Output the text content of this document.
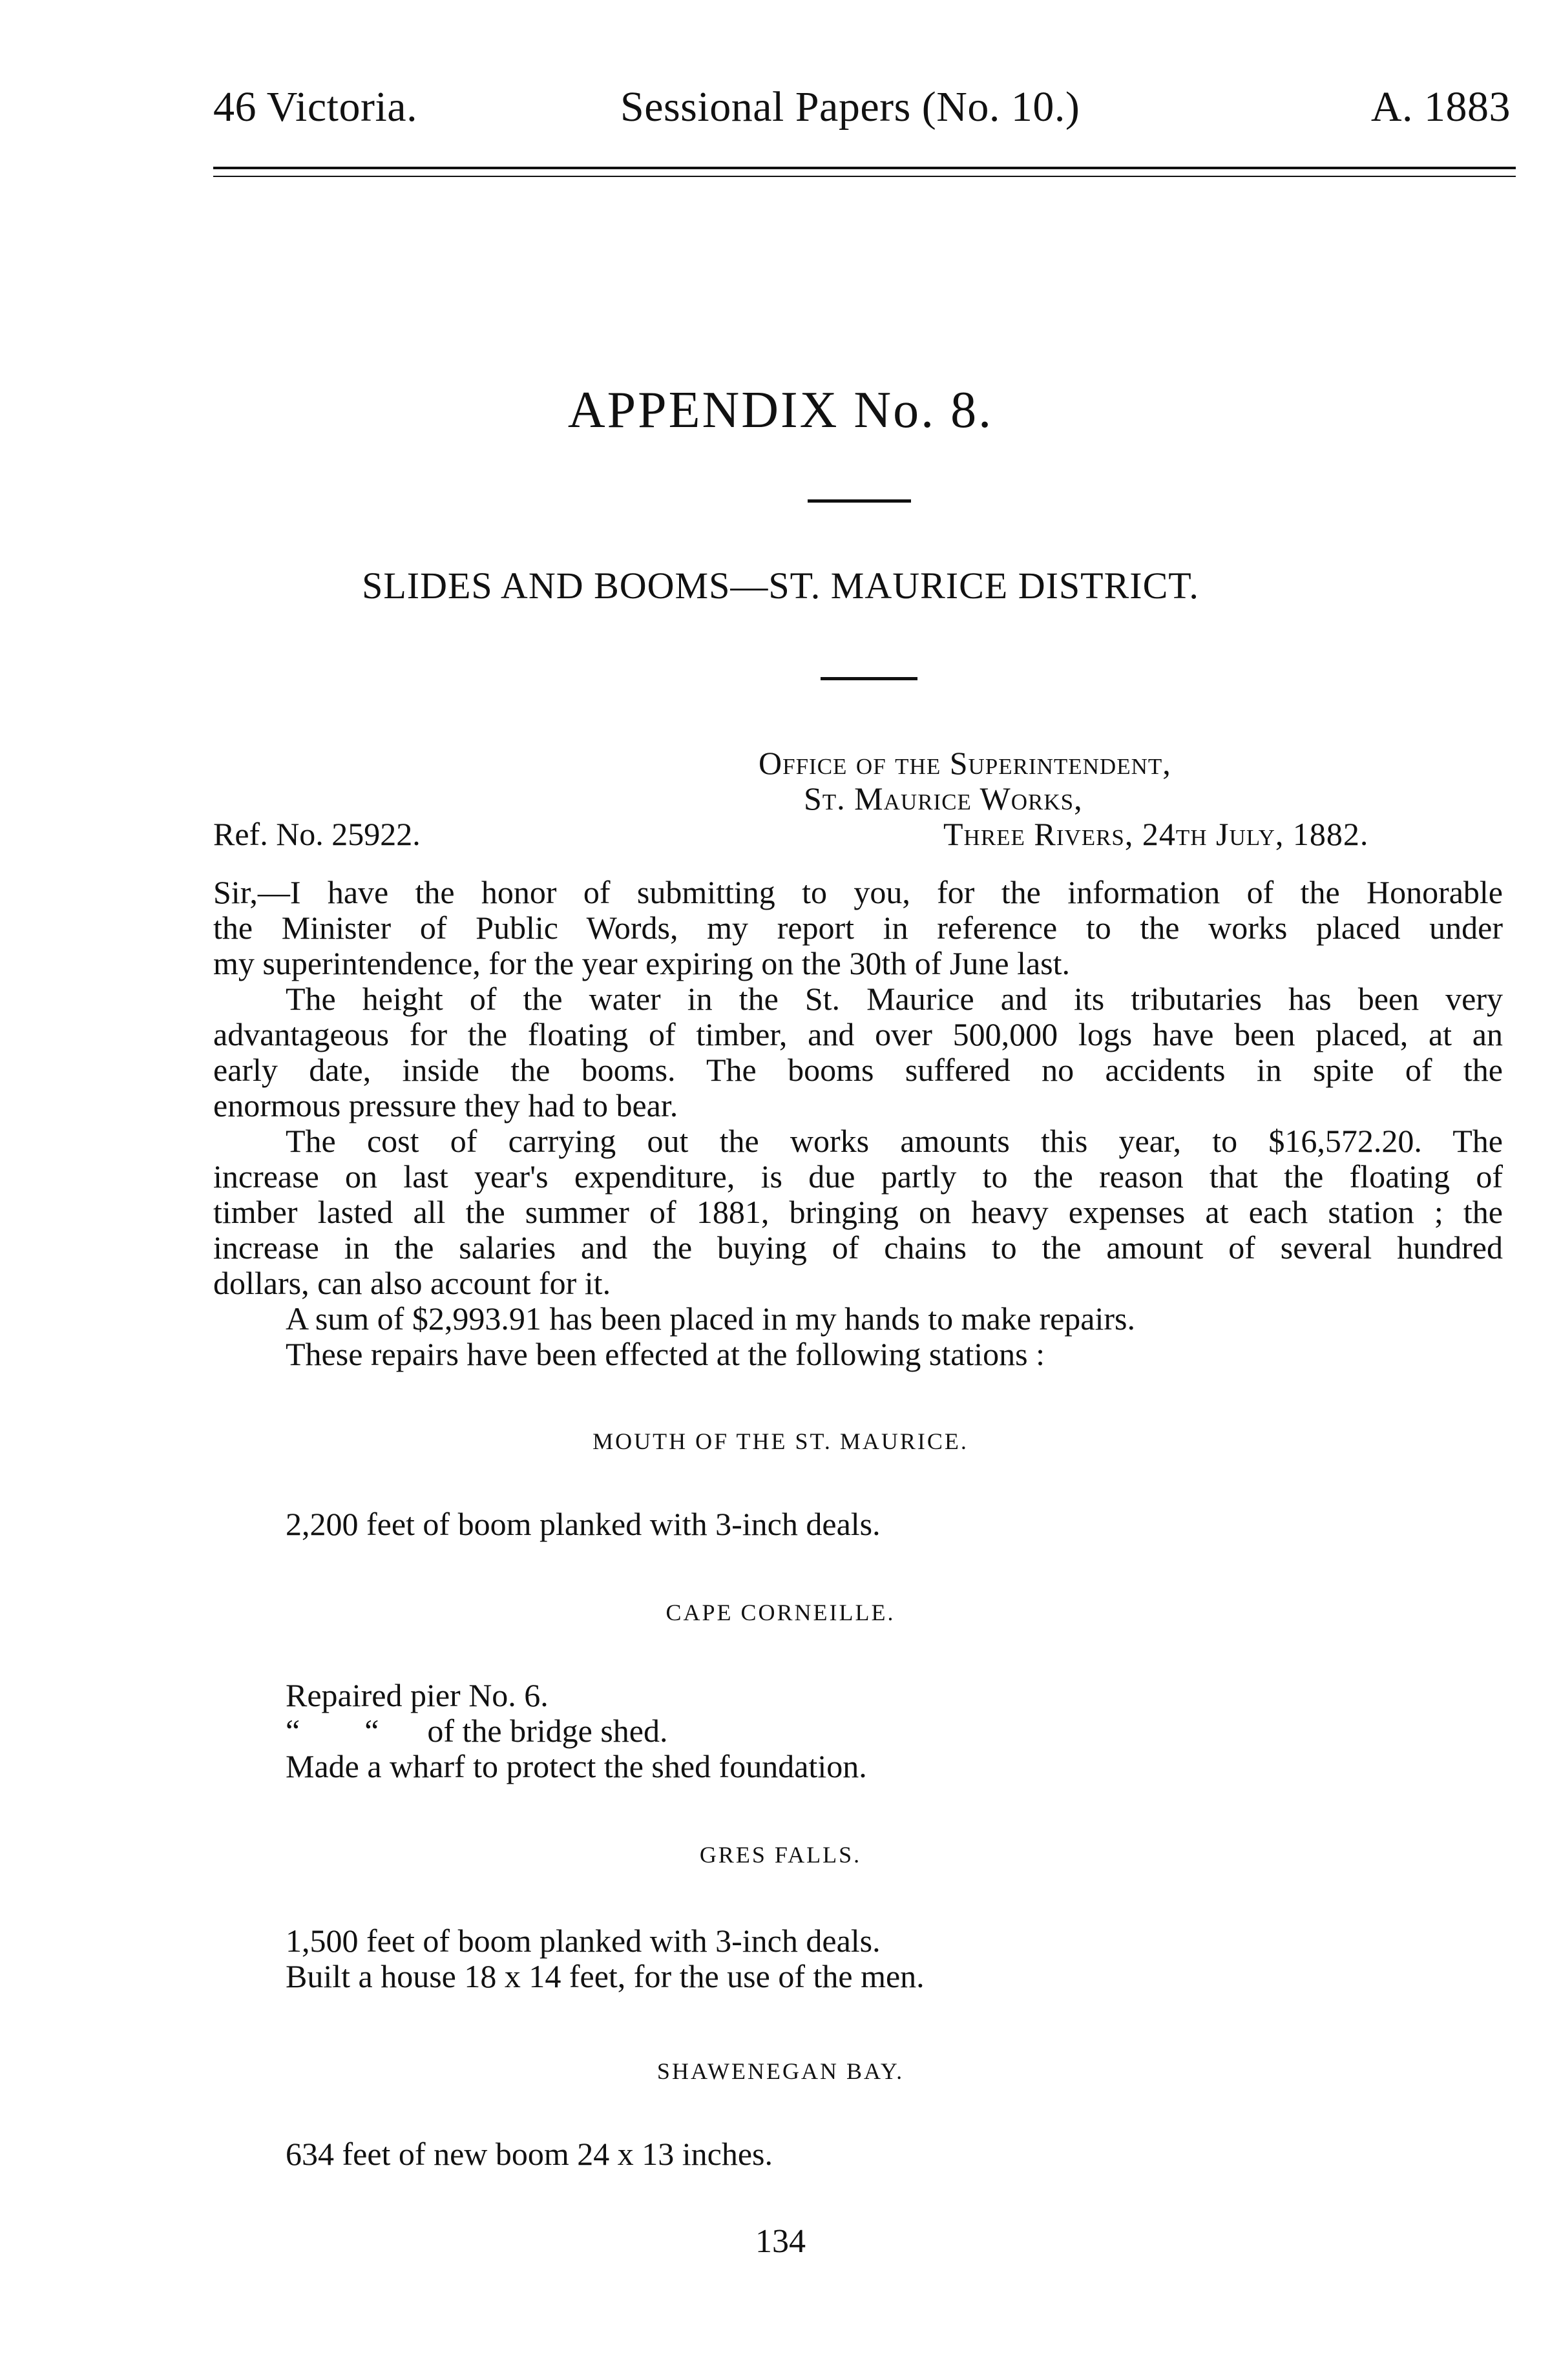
46 Victoria.	Sessional Papers (No. 10.)	A. 1883
APPENDIX No. 8.
SLIDES AND BOOMS—ST. MAURICE DISTRICT.
Office of the Superintendent,
St. Maurice Works,
Three Rivers, 24th July, 1882.
Ref. No. 25922.
Sir,—I have the honor of submitting to you, for the information of the Honorable
the Minister of Public Words, my report in reference to the works placed under
my superintendence, for the year expiring on the 30th of June last.
The height of the water in the St. Maurice and its tributaries has been very
advantageous for the floating of timber, and over 500,000 logs have been placed, at an
early date, inside the booms. The booms suffered no accidents in spite of the
enormous pressure they had to bear.
The cost of carrying out the works amounts this year, to $16,572.20. The
increase on last year's expenditure, is due partly to the reason that the floating of
timber lasted all the summer of 1881, bringing on heavy expenses at each station ; the
increase in the salaries and the buying of chains to the amount of several hundred
dollars, can also account for it.
A sum of $2,993.91 has been placed in my hands to make repairs.
These repairs have been effected at the following stations :
MOUTH OF THE ST. MAURICE.
2,200 feet of boom planked with 3-inch deals.
CAPE CORNEILLE.
Repaired pier No. 6.
“        “      of the bridge shed.
Made a wharf to protect the shed foundation.
GRES FALLS.
1,500 feet of boom planked with 3-inch deals.
Built a house 18 x 14 feet, for the use of the men.
SHAWENEGAN BAY.
634 feet of new boom 24 x 13 inches.
134
